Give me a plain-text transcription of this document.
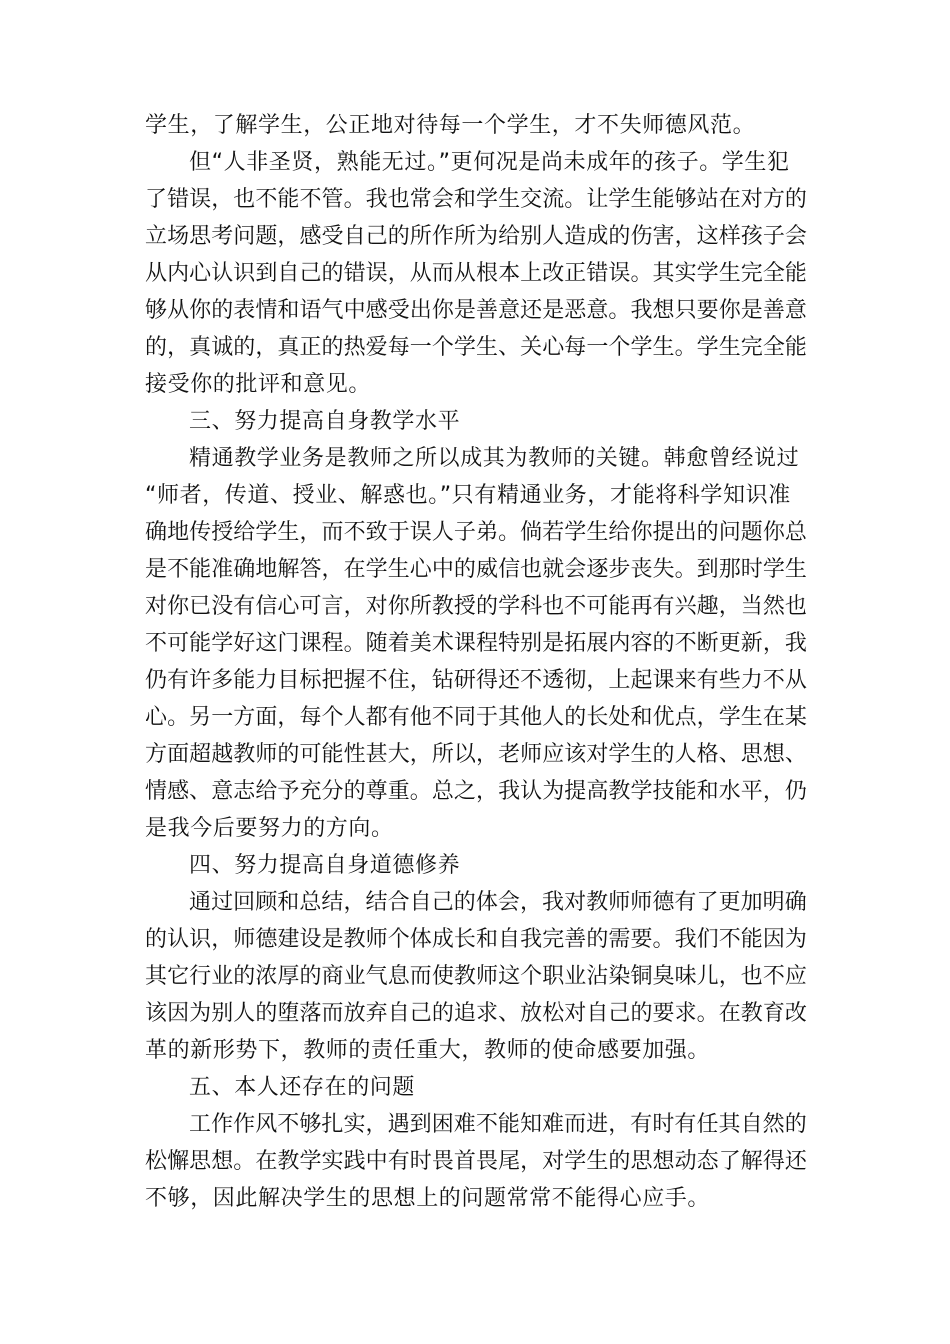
学生，了解学生，公正地对待每一个学生，才不失师德风范。

但“人非圣贤，熟能无过。”更何况是尚未成年的孩子。学生犯
了错误，也不能不管。我也常会和学生交流。让学生能够站在对方的
立场思考问题，感受自己的所作所为给别人造成的伤害，这样孩子会
从内心认识到自己的错误，从而从根本上改正错误。其实学生完全能
够从你的表情和语气中感受出你是善意还是恶意。我想只要你是善意
的，真诚的，真正的热爱每一个学生、关心每一个学生。学生完全能
接受你的批评和意见。

三、努力提高自身教学水平

精通教学业务是教师之所以成其为教师的关键。韩愈曾经说过
“师者，传道、授业、解惑也。”只有精通业务，才能将科学知识准
确地传授给学生，而不致于误人子弟。倘若学生给你提出的问题你总
是不能准确地解答，在学生心中的威信也就会逐步丧失。到那时学生
对你已没有信心可言，对你所教授的学科也不可能再有兴趣，当然也
不可能学好这门课程。随着美术课程特别是拓展内容的不断更新，我
仍有许多能力目标把握不住，钻研得还不透彻，上起课来有些力不从
心。另一方面，每个人都有他不同于其他人的长处和优点，学生在某
方面超越教师的可能性甚大，所以，老师应该对学生的人格、思想、
情感、意志给予充分的尊重。总之，我认为提高教学技能和水平，仍
是我今后要努力的方向。

四、努力提高自身道德修养

通过回顾和总结，结合自己的体会，我对教师师德有了更加明确
的认识，师德建设是教师个体成长和自我完善的需要。我们不能因为
其它行业的浓厚的商业气息而使教师这个职业沾染铜臭味儿，也不应
该因为别人的堕落而放弃自己的追求、放松对自己的要求。在教育改
革的新形势下，教师的责任重大，教师的使命感要加强。

五、本人还存在的问题

工作作风不够扎实，遇到困难不能知难而进，有时有任其自然的
松懈思想。在教学实践中有时畏首畏尾，对学生的思想动态了解得还
不够，因此解决学生的思想上的问题常常不能得心应手。
